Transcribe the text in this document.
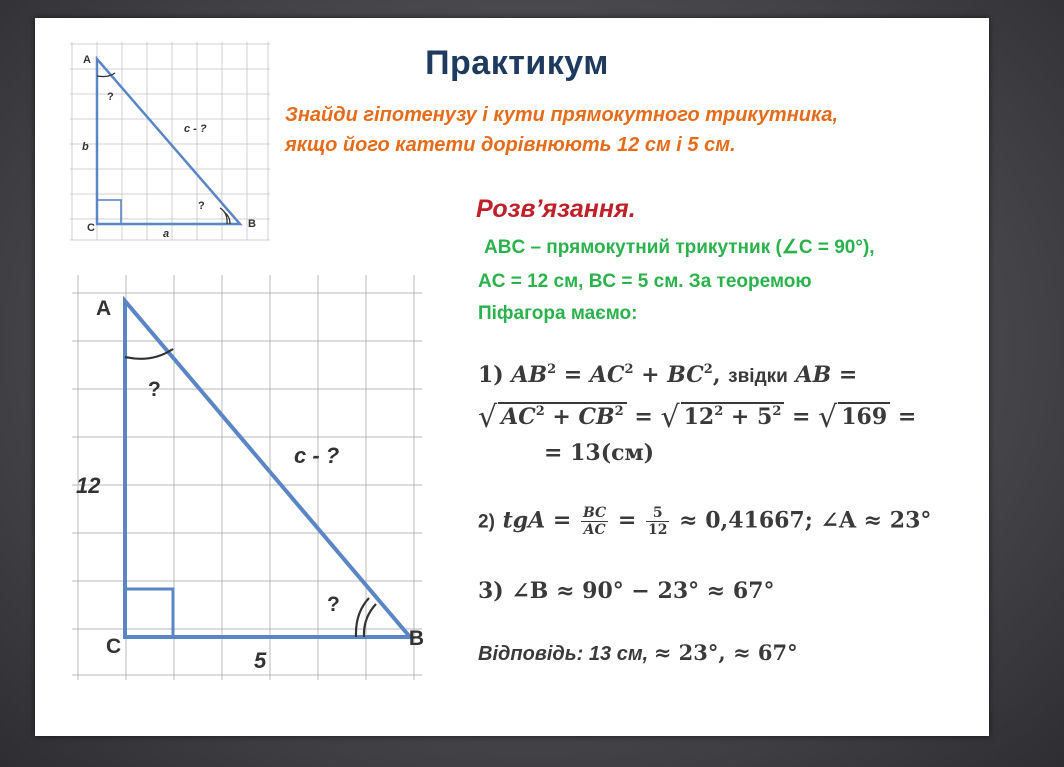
Практикум
Знайди гіпотенузу і кути прямокутного трикутника,
якщо його катети дорівнюють 12 см і 5 см.
A
C	B
?
?
b
a
c - ?
A
C	B
?
?
12
5
c - ?
Розв’язання.
ABC – прямокутний трикутник (∠C = 90°),
AC = 12 см, BC = 5 см. За теоремою
Піфагора маємо:
1) $AB^2 = AC^2 + BC^2$, звідки AB =
√ $AC^2 + CB^2$ = √ $12^2 + 5^2$ = √ 169 =
= 13(см)
2) tgA = $\frac{BC}{AC} = \frac{5}{12} \approx 0,41667$; ∠A ≈ 23°
3) ∠B ≈ 90° − 23° ≈ 67°
Відповідь: 13 см, ≈ 23°, ≈ 67°
